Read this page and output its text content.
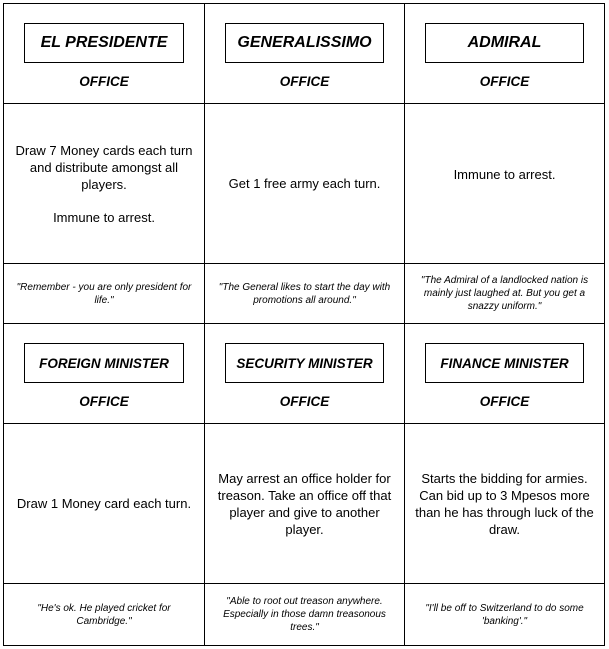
EL PRESIDENTE
OFFICE

Draw 7 Money cards each turn and distribute amongst all players.

Immune to arrest.

"Remember - you are only president for life."
GENERALISSIMO
OFFICE

Get 1 free army each turn.

"The General likes to start the day with promotions all around."
ADMIRAL
OFFICE

Immune to arrest.

"The Admiral of a landlocked nation is mainly just laughed at. But you get a snazzy uniform."
FOREIGN MINISTER
OFFICE

Draw 1 Money card each turn.

"He's ok. He played cricket for Cambridge."
SECURITY MINISTER
OFFICE

May arrest an office holder for treason. Take an office off that player and give to another player.

"Able to root out treason anywhere. Especially in those damn treasonous trees."
FINANCE MINISTER
OFFICE

Starts the bidding for armies. Can bid up to 3 Mpesos more than he has through luck of the draw.

"I'll be off to Switzerland to do some 'banking'."
